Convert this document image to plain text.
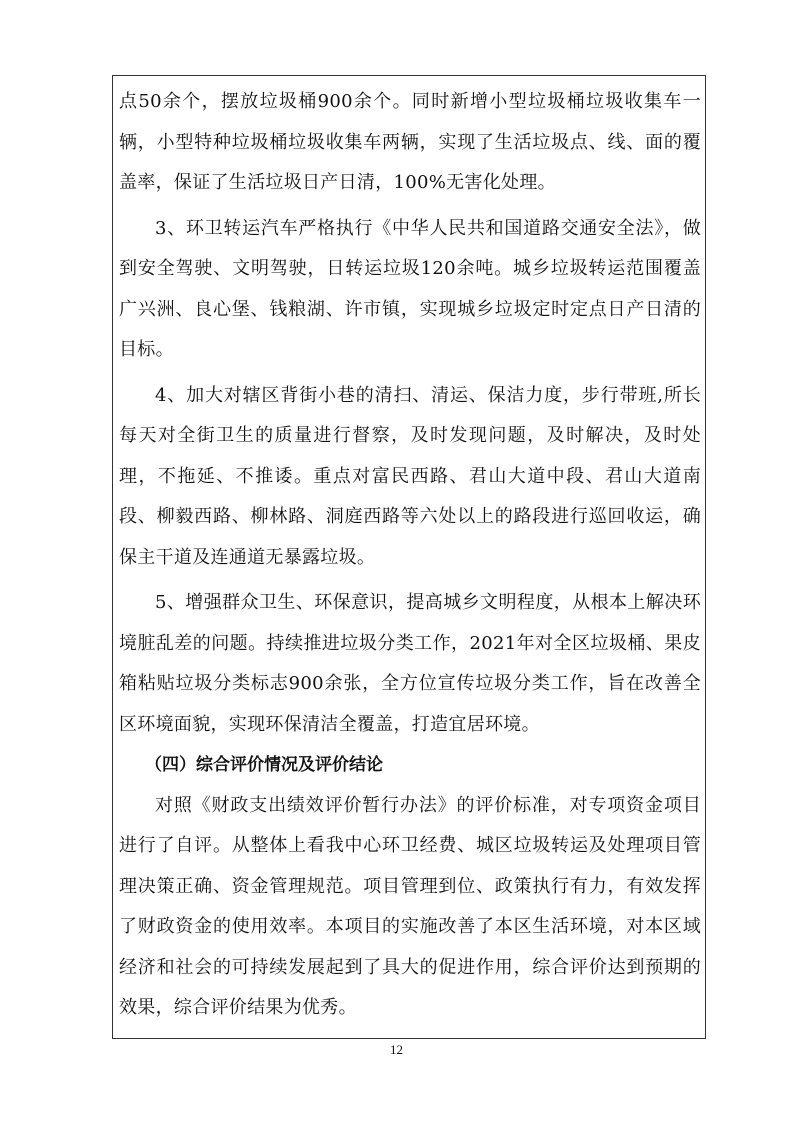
点50余个，摆放垃圾桶900余个。同时新增小型垃圾桶垃圾收集车一辆，小型特种垃圾桶垃圾收集车两辆，实现了生活垃圾点、线、面的覆盖率，保证了生活垃圾日产日清，100%无害化处理。

3、环卫转运汽车严格执行《中华人民共和国道路交通安全法》，做到安全驾驶、文明驾驶，日转运垃圾120余吨。城乡垃圾转运范围覆盖广兴洲、良心堡、钱粮湖、许市镇，实现城乡垃圾定时定点日产日清的目标。

4、加大对辖区背街小巷的清扫、清运、保洁力度，步行带班,所长每天对全街卫生的质量进行督察，及时发现问题，及时解决，及时处理，不拖延、不推诿。重点对富民西路、君山大道中段、君山大道南段、柳毅西路、柳林路、洞庭西路等六处以上的路段进行巡回收运，确保主干道及连通道无暴露垃圾。

5、增强群众卫生、环保意识，提高城乡文明程度，从根本上解决环境脏乱差的问题。持续推进垃圾分类工作，2021年对全区垃圾桶、果皮箱粘贴垃圾分类标志900余张，全方位宣传垃圾分类工作，旨在改善全区环境面貌，实现环保清洁全覆盖，打造宜居环境。

（四）综合评价情况及评价结论

对照《财政支出绩效评价暂行办法》的评价标准，对专项资金项目进行了自评。从整体上看我中心环卫经费、城区垃圾转运及处理项目管理决策正确、资金管理规范。项目管理到位、政策执行有力，有效发挥了财政资金的使用效率。本项目的实施改善了本区生活环境，对本区域经济和社会的可持续发展起到了具大的促进作用，综合评价达到预期的效果，综合评价结果为优秀。

12
